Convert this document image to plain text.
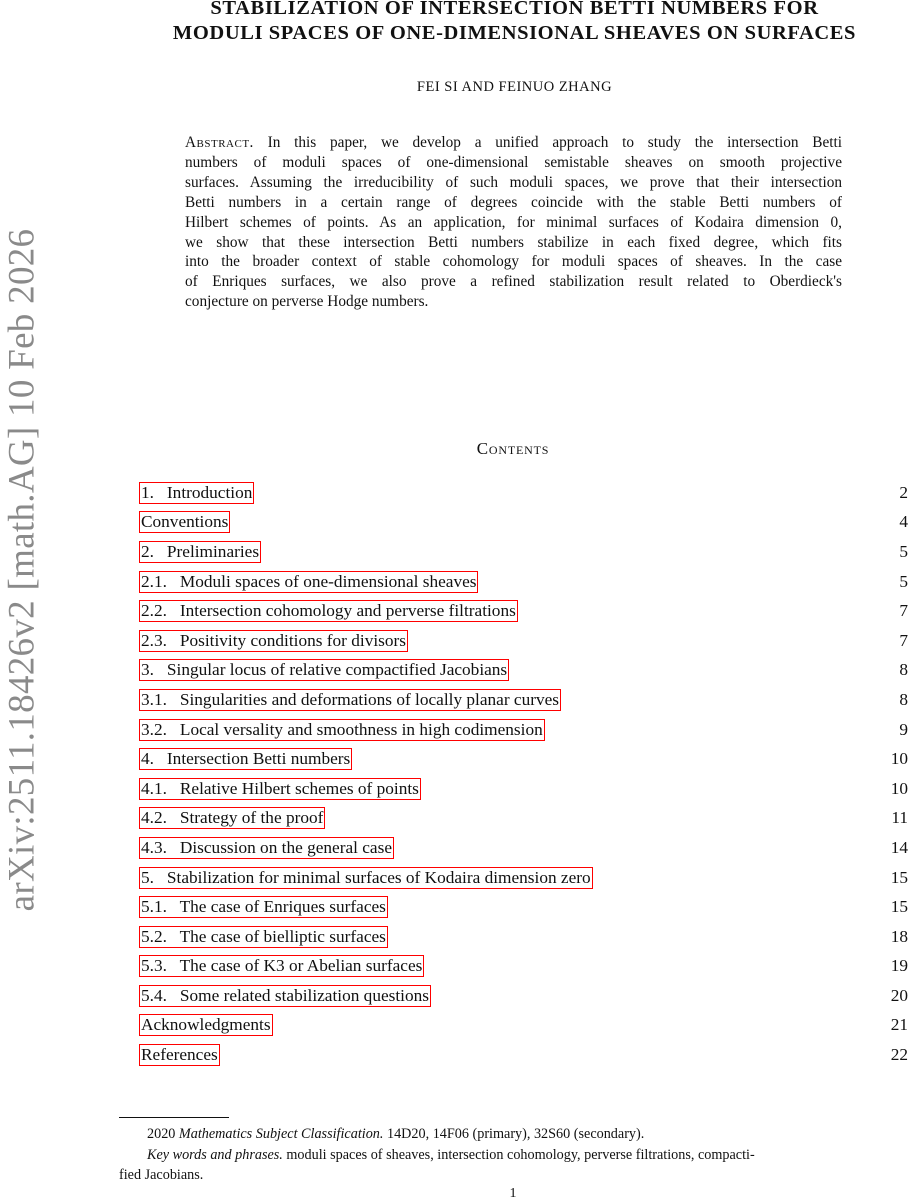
arXiv:2511.18426v2 [math.AG] 10 Feb 2026
STABILIZATION OF INTERSECTION BETTI NUMBERS FOR
MODULI SPACES OF ONE-DIMENSIONAL SHEAVES ON SURFACES
FEI SI AND FEINUO ZHANG
Abstract. In this paper, we develop a unified approach to study the intersection Betti
numbers of moduli spaces of one-dimensional semistable sheaves on smooth projective
surfaces. Assuming the irreducibility of such moduli spaces, we prove that their intersection
Betti numbers in a certain range of degrees coincide with the stable Betti numbers of
Hilbert schemes of points. As an application, for minimal surfaces of Kodaira dimension 0,
we show that these intersection Betti numbers stabilize in each fixed degree, which fits
into the broader context of stable cohomology for moduli spaces of sheaves. In the case
of Enriques surfaces, we also prove a refined stabilization result related to Oberdieck's
conjecture on perverse Hodge numbers.
Contents
1.   Introduction	2
Conventions	4
2.   Preliminaries	5
2.1.   Moduli spaces of one-dimensional sheaves	5
2.2.   Intersection cohomology and perverse filtrations	7
2.3.   Positivity conditions for divisors	7
3.   Singular locus of relative compactified Jacobians	8
3.1.   Singularities and deformations of locally planar curves	8
3.2.   Local versality and smoothness in high codimension	9
4.   Intersection Betti numbers	10
4.1.   Relative Hilbert schemes of points	10
4.2.   Strategy of the proof	11
4.3.   Discussion on the general case	14
5.   Stabilization for minimal surfaces of Kodaira dimension zero	15
5.1.   The case of Enriques surfaces	15
5.2.   The case of bielliptic surfaces	18
5.3.   The case of K3 or Abelian surfaces	19
5.4.   Some related stabilization questions	20
Acknowledgments	21
References	22

2020 Mathematics Subject Classification. 14D20, 14F06 (primary), 32S60 (secondary).

Key words and phrases. moduli spaces of sheaves, intersection cohomology, perverse filtrations, compacti-

fied Jacobians.

1
